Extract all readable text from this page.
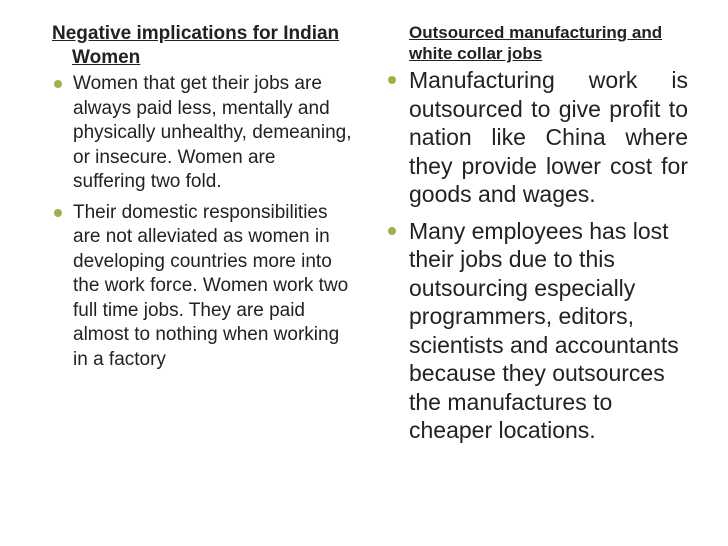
Negative implications for Indian Women
Women that get their jobs are always paid less, mentally and physically unhealthy, demeaning, or insecure. Women are suffering two fold.
Their domestic responsibilities are not alleviated as women in developing countries more into the work force. Women work two full time jobs. They are paid almost to nothing when working in a factory
Outsourced manufacturing and white collar jobs
Manufacturing work is outsourced to give profit to nation like China where they provide lower cost for goods and wages.
Many employees has lost their jobs due to this outsourcing especially programmers, editors, scientists and accountants because they outsources the manufactures to cheaper locations.
